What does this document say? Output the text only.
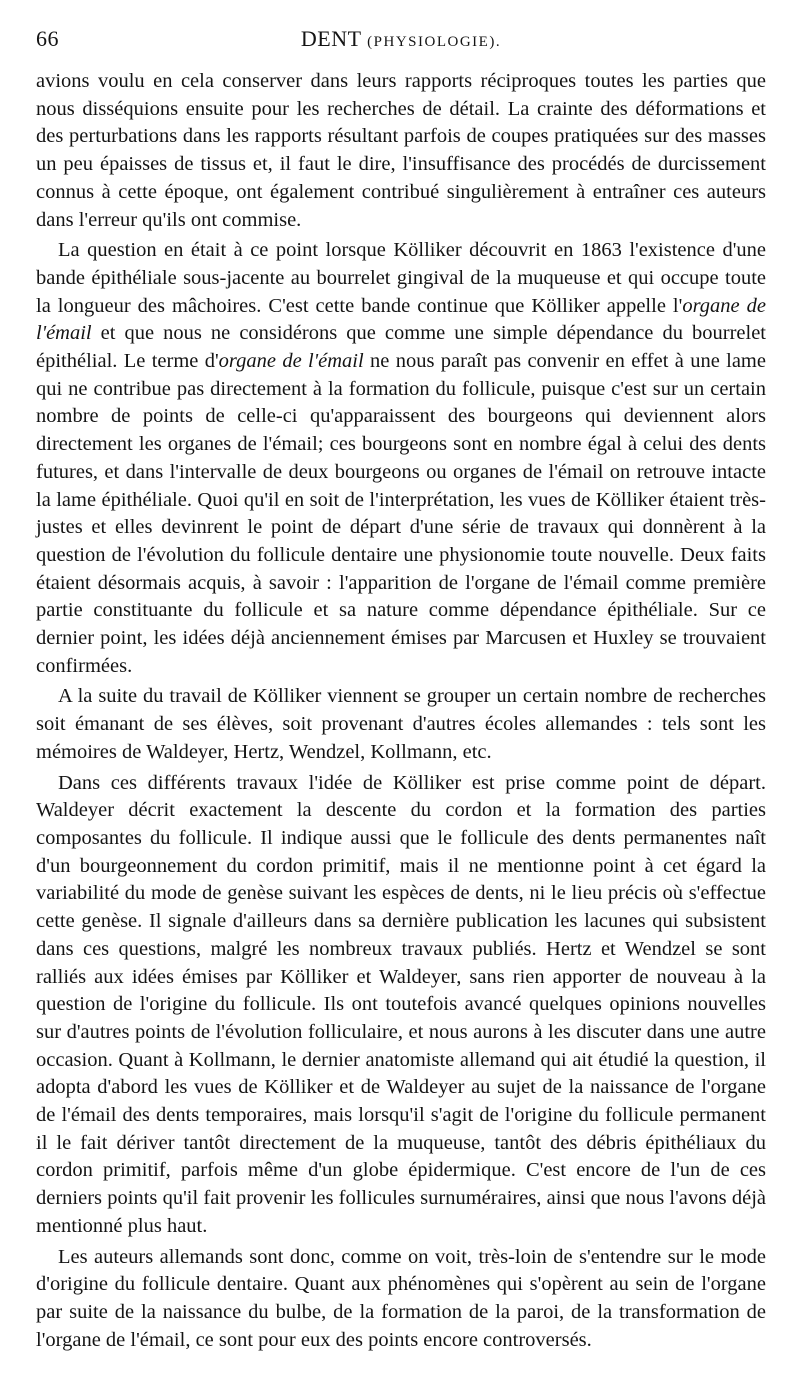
66	DENT (PHYSIOLOGIE).

avions voulu en cela conserver dans leurs rapports réciproques toutes les parties que nous disséquions ensuite pour les recherches de détail. La crainte des déformations et des perturbations dans les rapports résultant parfois de coupes pratiquées sur des masses un peu épaisses de tissus et, il faut le dire, l'insuffisance des procédés de durcissement connus à cette époque, ont également contribué singulièrement à entraîner ces auteurs dans l'erreur qu'ils ont commise.

La question en était à ce point lorsque Kölliker découvrit en 1863 l'existence d'une bande épithéliale sous-jacente au bourrelet gingival de la muqueuse et qui occupe toute la longueur des mâchoires. C'est cette bande continue que Kölliker appelle l'organe de l'émail et que nous ne considérons que comme une simple dépendance du bourrelet épithélial. Le terme d'organe de l'émail ne nous paraît pas convenir en effet à une lame qui ne contribue pas directement à la formation du follicule, puisque c'est sur un certain nombre de points de celle-ci qu'apparaissent des bourgeons qui deviennent alors directement les organes de l'émail; ces bourgeons sont en nombre égal à celui des dents futures, et dans l'intervalle de deux bourgeons ou organes de l'émail on retrouve intacte la lame épithéliale. Quoi qu'il en soit de l'interprétation, les vues de Kölliker étaient très-justes et elles devinrent le point de départ d'une série de travaux qui donnèrent à la question de l'évolution du follicule dentaire une physionomie toute nouvelle. Deux faits étaient désormais acquis, à savoir : l'apparition de l'organe de l'émail comme première partie constituante du follicule et sa nature comme dépendance épithéliale. Sur ce dernier point, les idées déjà anciennement émises par Marcusen et Huxley se trouvaient confirmées.

A la suite du travail de Kölliker viennent se grouper un certain nombre de recherches soit émanant de ses élèves, soit provenant d'autres écoles allemandes : tels sont les mémoires de Waldeyer, Hertz, Wendzel, Kollmann, etc.

Dans ces différents travaux l'idée de Kölliker est prise comme point de départ. Waldeyer décrit exactement la descente du cordon et la formation des parties composantes du follicule. Il indique aussi que le follicule des dents permanentes naît d'un bourgeonnement du cordon primitif, mais il ne mentionne point à cet égard la variabilité du mode de genèse suivant les espèces de dents, ni le lieu précis où s'effectue cette genèse. Il signale d'ailleurs dans sa dernière publication les lacunes qui subsistent dans ces questions, malgré les nombreux travaux publiés. Hertz et Wendzel se sont ralliés aux idées émises par Kölliker et Waldeyer, sans rien apporter de nouveau à la question de l'origine du follicule. Ils ont toutefois avancé quelques opinions nouvelles sur d'autres points de l'évolution folliculaire, et nous aurons à les discuter dans une autre occasion. Quant à Kollmann, le dernier anatomiste allemand qui ait étudié la question, il adopta d'abord les vues de Kölliker et de Waldeyer au sujet de la naissance de l'organe de l'émail des dents temporaires, mais lorsqu'il s'agit de l'origine du follicule permanent il le fait dériver tantôt directement de la muqueuse, tantôt des débris épithéliaux du cordon primitif, parfois même d'un globe épidermique. C'est encore de l'un de ces derniers points qu'il fait provenir les follicules surnuméraires, ainsi que nous l'avons déjà mentionné plus haut.

Les auteurs allemands sont donc, comme on voit, très-loin de s'entendre sur le mode d'origine du follicule dentaire. Quant aux phénomènes qui s'opèrent au sein de l'organe par suite de la naissance du bulbe, de la formation de la paroi, de la transformation de l'organe de l'émail, ce sont pour eux des points encore controversés.
